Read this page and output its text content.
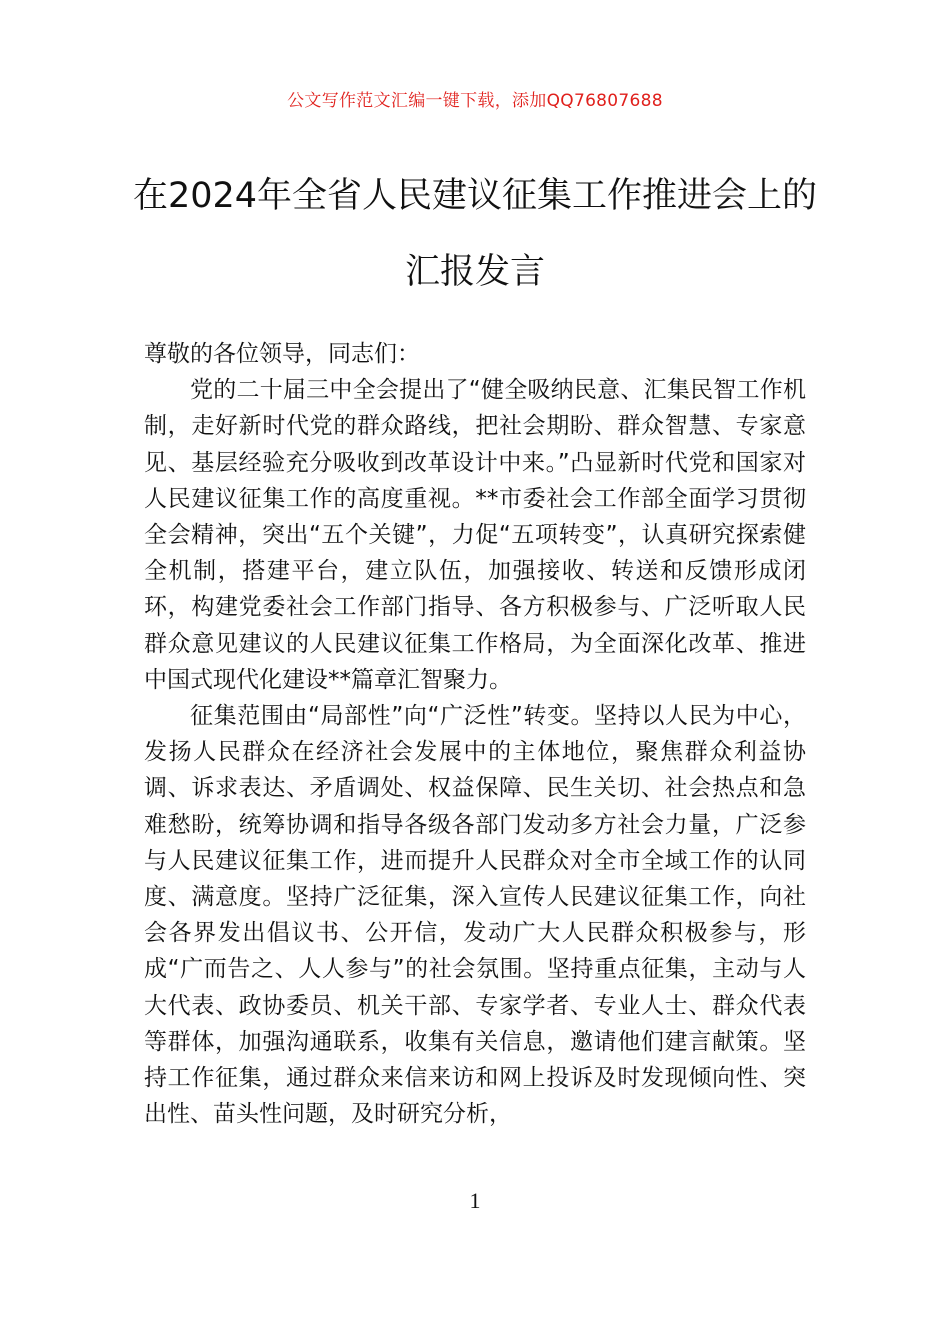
公文写作范文汇编一键下载，添加QQ76807688
在2024年全省人民建议征集工作推进会上的汇报发言

尊敬的各位领导，同志们：

党的二十届三中全会提出了“健全吸纳民意、汇集民智工作机制，走好新时代党的群众路线，把社会期盼、群众智慧、专家意见、基层经验充分吸收到改革设计中来。”凸显新时代党和国家对人民建议征集工作的高度重视。**市委社会工作部全面学习贯彻全会精神，突出“五个关键”，力促“五项转变”，认真研究探索健全机制，搭建平台，建立队伍，加强接收、转送和反馈形成闭环，构建党委社会工作部门指导、各方积极参与、广泛听取人民群众意见建议的人民建议征集工作格局，为全面深化改革、推进中国式现代化建设**篇章汇智聚力。

征集范围由“局部性”向“广泛性”转变。坚持以人民为中心，发扬人民群众在经济社会发展中的主体地位，聚焦群众利益协调、诉求表达、矛盾调处、权益保障、民生关切、社会热点和急难愁盼，统筹协调和指导各级各部门发动多方社会力量，广泛参与人民建议征集工作，进而提升人民群众对全市全域工作的认同度、满意度。坚持广泛征集，深入宣传人民建议征集工作，向社会各界发出倡议书、公开信，发动广大人民群众积极参与，形成“广而告之、人人参与”的社会氛围。坚持重点征集，主动与人大代表、政协委员、机关干部、专家学者、专业人士、群众代表等群体，加强沟通联系，收集有关信息，邀请他们建言献策。坚持工作征集，通过群众来信来访和网上投诉及时发现倾向性、突出性、苗头性问题，及时研究分析，

1
